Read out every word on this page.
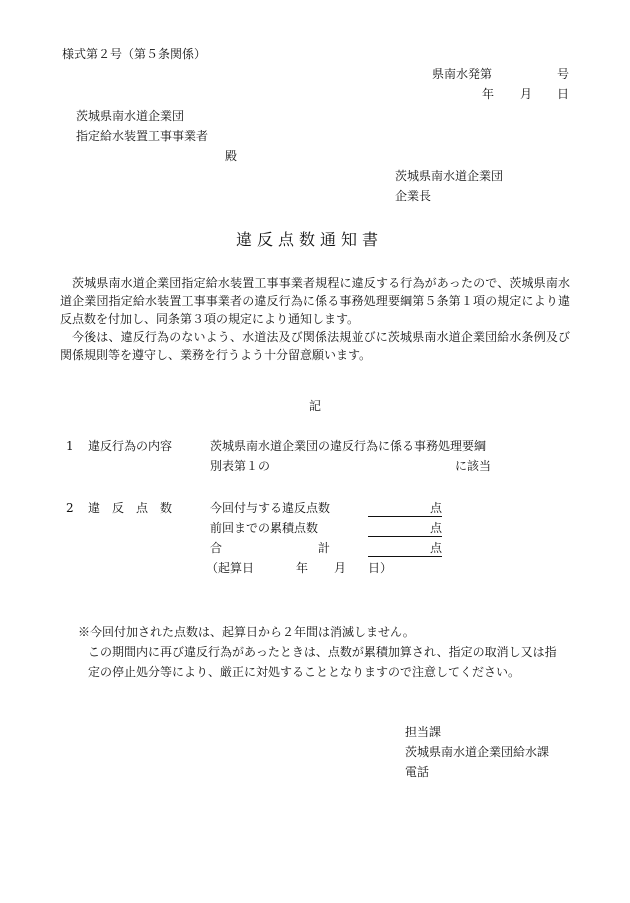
様式第２号（第５条関係）
県南水発第	号
年 月 日
茨城県南水道企業団
指定給水装置工事事業者
殿
茨城県南水道企業団
企業長
違反点数通知書

茨城県南水道企業団指定給水装置工事事業者規程に違反する行為があったので、茨城県南水道企業団指定給水装置工事事業者の違反行為に係る事務処理要綱第５条第１項の規定により違反点数を付加し、同条第３項の規定により通知します。

今後は、違反行為のないよう、水道法及び関係法規並びに茨城県南水道企業団給水条例及び関係規則等を遵守し、業務を行うよう十分留意願います。

記
1 違反行為の内容	茨城県南水道企業団の違反行為に係る事務処理要綱
別表第１の	に該当
2 違　反　点　数	今回付与する違反点数	点
前回までの累積点数	点
合	計	点
（起算日	年 月 日）
※今回付加された点数は、起算日から２年間は消滅しません。
この期間内に再び違反行為があったときは、点数が累積加算され、指定の取消し又は指
定の停止処分等により、厳正に対処することとなりますので注意してください。
担当課
茨城県南水道企業団給水課
電話
